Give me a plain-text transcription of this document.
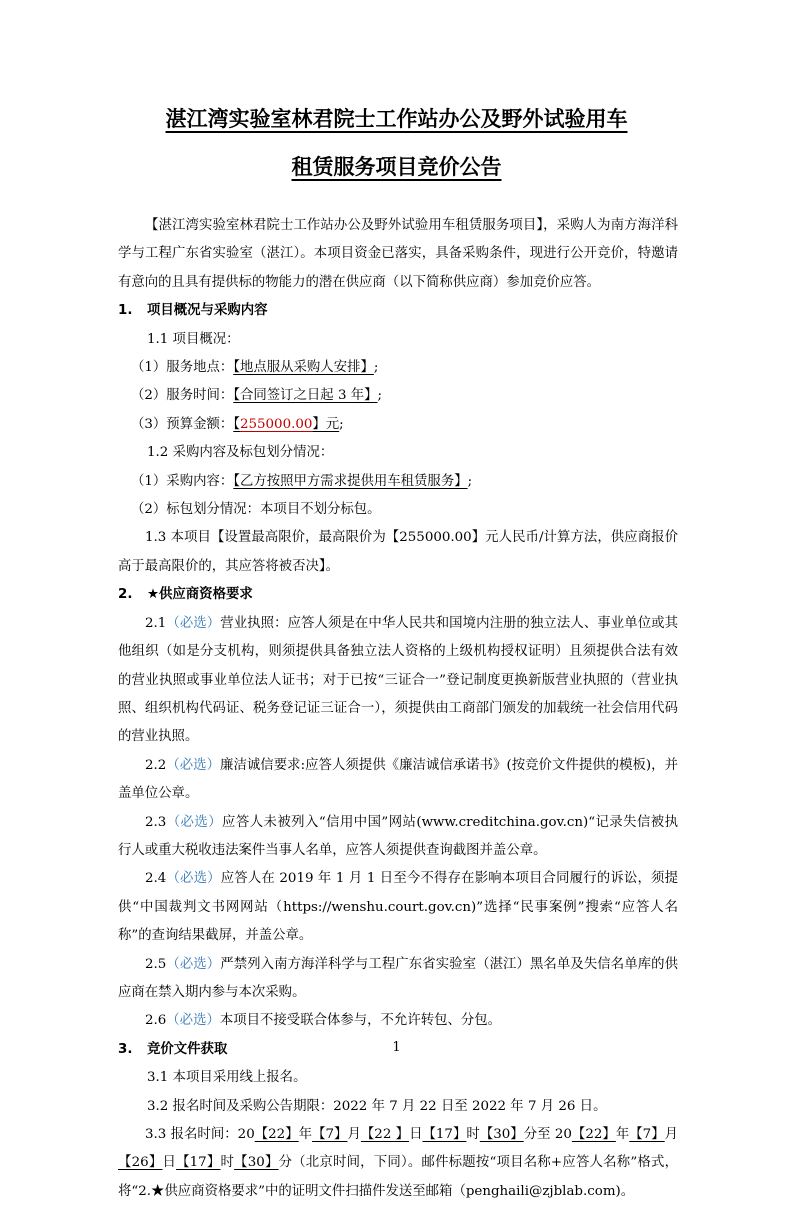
湛江湾实验室林君院士工作站办公及野外试验用车
租赁服务项目竞价公告

【湛江湾实验室林君院士工作站办公及野外试验用车租赁服务项目】，采购人为南方海洋科学与工程广东省实验室（湛江）。本项目资金已落实，具备采购条件，现进行公开竞价，特邀请有意向的且具有提供标的物能力的潜在供应商（以下简称供应商）参加竞价应答。

1. 项目概况与采购内容
1.1 项目概况：
（1）服务地点：【地点服从采购人安排】;
（2）服务时间：【合同签订之日起 3 年】;
（3）预算金额：【255000.00】元;
1.2 采购内容及标包划分情况：
（1）采购内容：【乙方按照甲方需求提供用车租赁服务】;
（2）标包划分情况：本项目不划分标包。

1.3 本项目【设置最高限价，最高限价为【255000.00】元人民币/计算方法，供应商报价高于最高限价的，其应答将被否决】。

2. ★供应商资格要求

2.1（必选）营业执照：应答人须是在中华人民共和国境内注册的独立法人、事业单位或其他组织（如是分支机构，则须提供具备独立法人资格的上级机构授权证明）且须提供合法有效的营业执照或事业单位法人证书；对于已按“三证合一”登记制度更换新版营业执照的（营业执照、组织机构代码证、税务登记证三证合一），须提供由工商部门颁发的加载统一社会信用代码的营业执照。

2.2（必选）廉洁诚信要求:应答人须提供《廉洁诚信承诺书》(按竞价文件提供的模板)，并盖单位公章。

2.3（必选）应答人未被列入“信用中国”网站(www.creditchina.gov.cn)“记录失信被执行人或重大税收违法案件当事人名单，应答人须提供查询截图并盖公章。

2.4（必选）应答人在 2019 年 1 月 1 日至今不得存在影响本项目合同履行的诉讼，须提供“中国裁判文书网网站（https://wenshu.court.gov.cn)”选择“民事案例”搜索“应答人名称”的查询结果截屏，并盖公章。

2.5（必选）严禁列入南方海洋科学与工程广东省实验室（湛江）黑名单及失信名单库的供应商在禁入期内参与本次采购。

2.6（必选）本项目不接受联合体参与，不允许转包、分包。

3. 竞价文件获取
3.1 本项目采用线上报名。
3.2 报名时间及采购公告期限：2022 年 7 月 22 日至 2022 年 7 月 26 日。

3.3 报名时间：20【22】年【7】月【22 】日【17】时【30】分至 20【22】年【7】月【26】日【17】时【30】分（北京时间，下同）。邮件标题按“项目名称+应答人名称”格式，将“2.★供应商资格要求”中的证明文件扫描件发送至邮箱（penghaili@zjblab.com)。

1
